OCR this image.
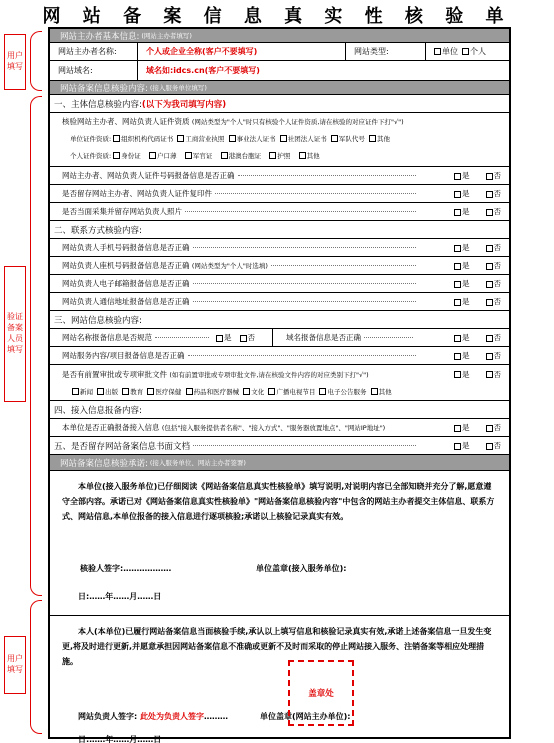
网 站 备 案 信 息 真 实 性 核 验 单
用户填写
验证备案人员填写
用户填写
网站主办者基本信息: (网站主办者填写)
网站主办者名称:	个人或企业全称(客户不要填写)	网站类型:	单位	个人
网站域名:	域名如:idcs.cn(客户不要填写)
网站备案信息核验内容: (接入服务单位填写)
一、主体信息核验内容: (以下为我司填写内容)
核验网站主办者、网站负责人证件资质
(网站类型为"个人"时只有核验个人证件资质,请在核验的对应证件下打"√")
单位证件资质:	组织机构代码证书	工商营业执照	事业法人证书	社团法人证书	军队代号	其他
个人证件资质:	身份证	户口薄	军官证	港澳台胞证	护照	其他
网站主办者、网站负责人证件号码报备信息是否正确	是	否
是否留存网站主办者、网站负责人证件复印件	是	否
是否当面采集并留存网站负责人照片	是	否
二、联系方式核验内容:
网站负责人手机号码报备信息是否正确	是	否
网站负责人座机号码报备信息是否正确
(网站类型为"个人"时选填)	是	否
网站负责人电子邮箱报备信息是否正确	是	否
网站负责人通信地址报备信息是否正确	是	否
三、网站信息核验内容:
网站名称报备信息是否规范	是	否	域名报备信息是否正确	是	否
网站服务内容/项目报备信息是否正确	是	否
是否有前置审批或专项审批文件
(如有前置审批或专项审批文件,请在核验文件内容的对应类别下打"√")	是	否
新闻
	出版
	教育
	医疗保健
	药品和医疗器械
	文化
	广播电视节目
	电子公告服务
	其他
四、接入信息报备内容:
本单位是否正确报备接入信息
(包括"接入服务提供者名称"、"接入方式"、"服务器放置地点"、"网站IP地址")	是	否
五、是否留存网站备案信息书面文档	是	否
网站备案信息核验承诺: (接入服务单位、网站主办者签署)
本单位(接入服务单位)已仔细阅读《网站备案信息真实性核验单》填写说明,对说明内容已全部知晓并充分了解,愿意遵守全部内容。承诺已对《网站备案信息真实性核验单》"网站备案信息核验内容"中包含的网站主办者提交主体信息、联系方式、网站信息,本单位报备的接入信息进行逐项核验;承诺以上核验记录真实有效。
核验人签字:………………	单位盖章(接入服务单位):
日:……年……月……日
本人(本单位)已履行网站备案信息当面核验手续,承认以上填写信息和核验记录真实有效,承诺上述备案信息一旦发生变更,将及时进行更新,并愿意承担因网站备案信息不准确或更新不及时而采取的停止网站接入服务、注销备案等相应处理措施。
网站负责人签字: 此处为负责人签字………	单位盖章(网站主办单位):
日:……年……月……日
盖章处
